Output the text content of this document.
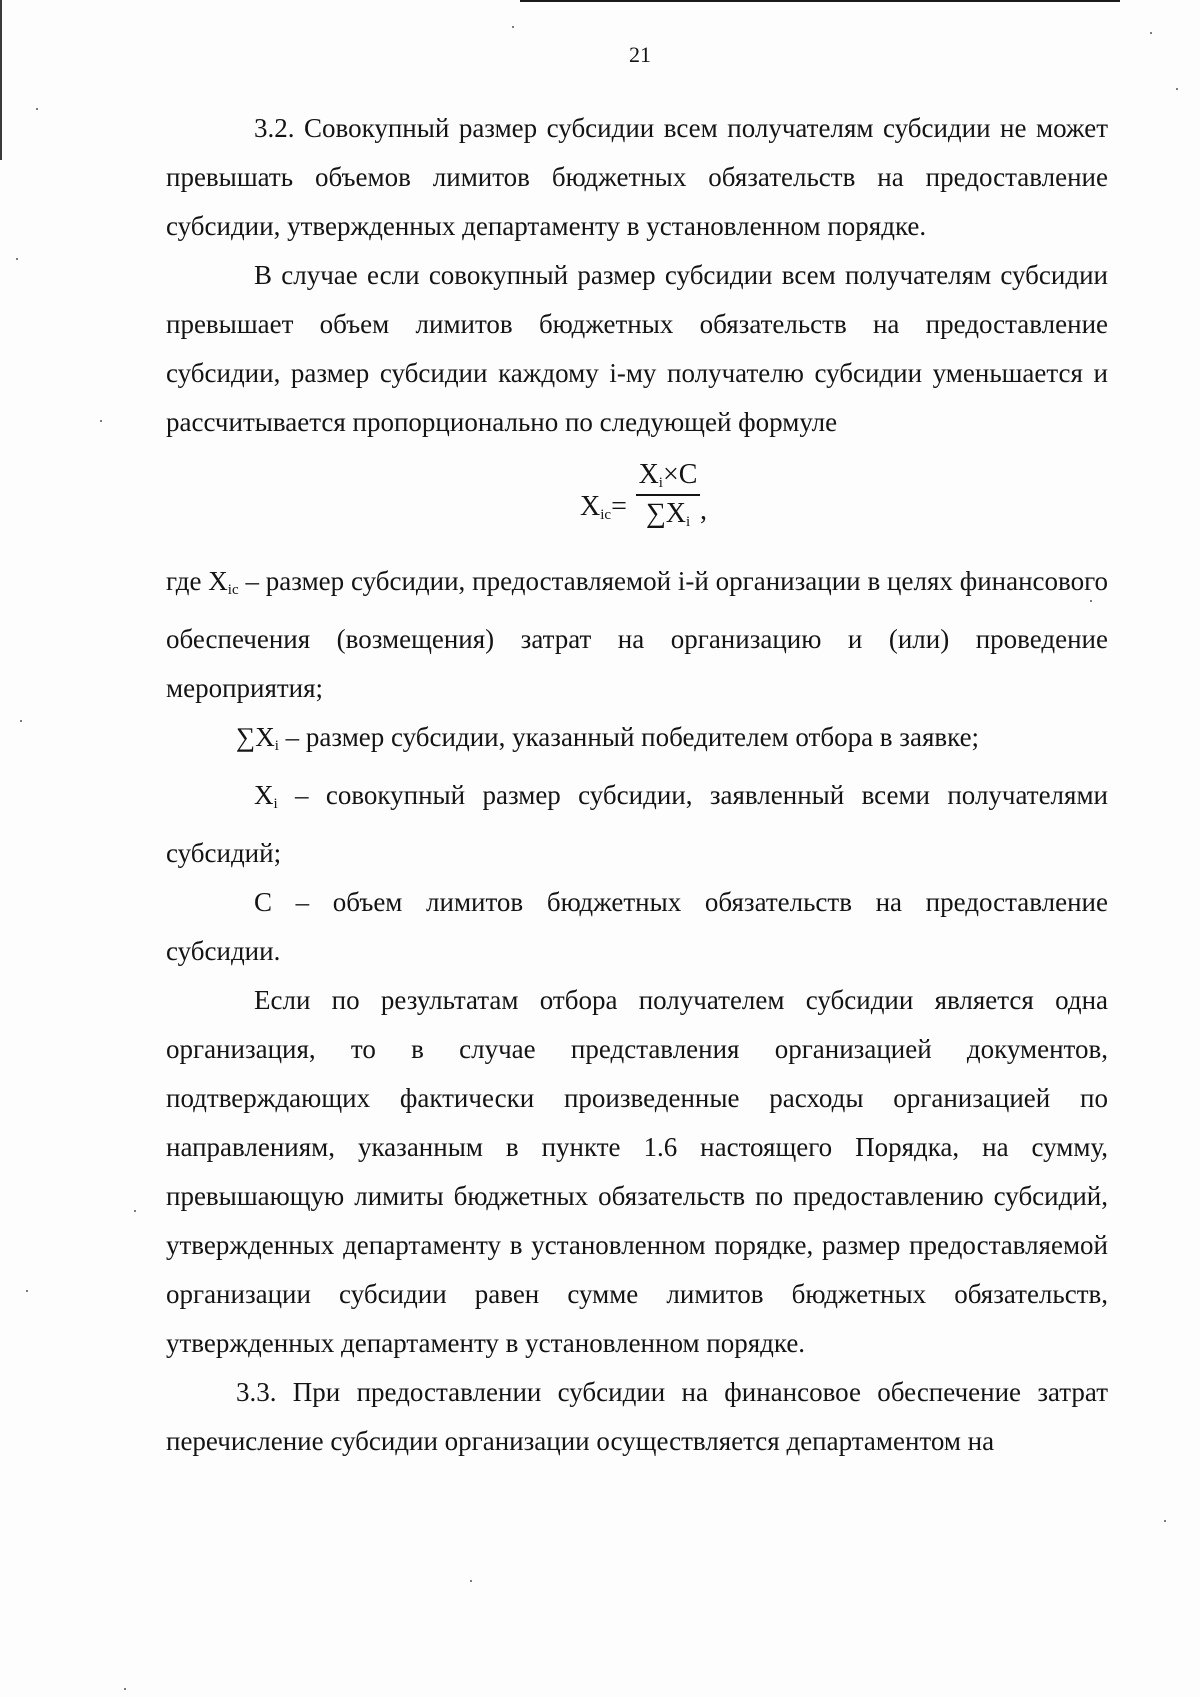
21

3.2. Совокупный размер субсидии всем получателям субсидии не может превышать объемов лимитов бюджетных обязательств на предоставление субсидии, утвержденных департаменту в установленном порядке.

В случае если совокупный размер субсидии всем получателям субсидии превышает объем лимитов бюджетных обязательств на предоставление субсидии, размер субсидии каждому i-му получателю субсидии уменьшается и рассчитывается пропорционально по следующей формуле

$X_{ic}=$
$X_i\times C$
$\sum X_i$ ,

где $X_{ic}$ – размер субсидии, предоставляемой i-й организации в целях финансового обеспечения (возмещения) затрат на организацию и (или) проведение мероприятия;

$\sum X_i$ – размер субсидии, указанный победителем отбора в заявке;

$X_i$ – совокупный размер субсидии, заявленный всеми получателями субсидий;

С – объем лимитов бюджетных обязательств на предоставление субсидии.

Если по результатам отбора получателем субсидии является одна организация, то в случае представления организацией документов, подтверждающих фактически произведенные расходы организацией по направлениям, указанным в пункте 1.6 настоящего Порядка, на сумму, превышающую лимиты бюджетных обязательств по предоставлению субсидий, утвержденных департаменту в установленном порядке, размер предоставляемой организации субсидии равен сумме лимитов бюджетных обязательств, утвержденных департаменту в установленном порядке.

3.3. При предоставлении субсидии на финансовое обеспечение затрат перечисление субсидии организации осуществляется департаментом на
